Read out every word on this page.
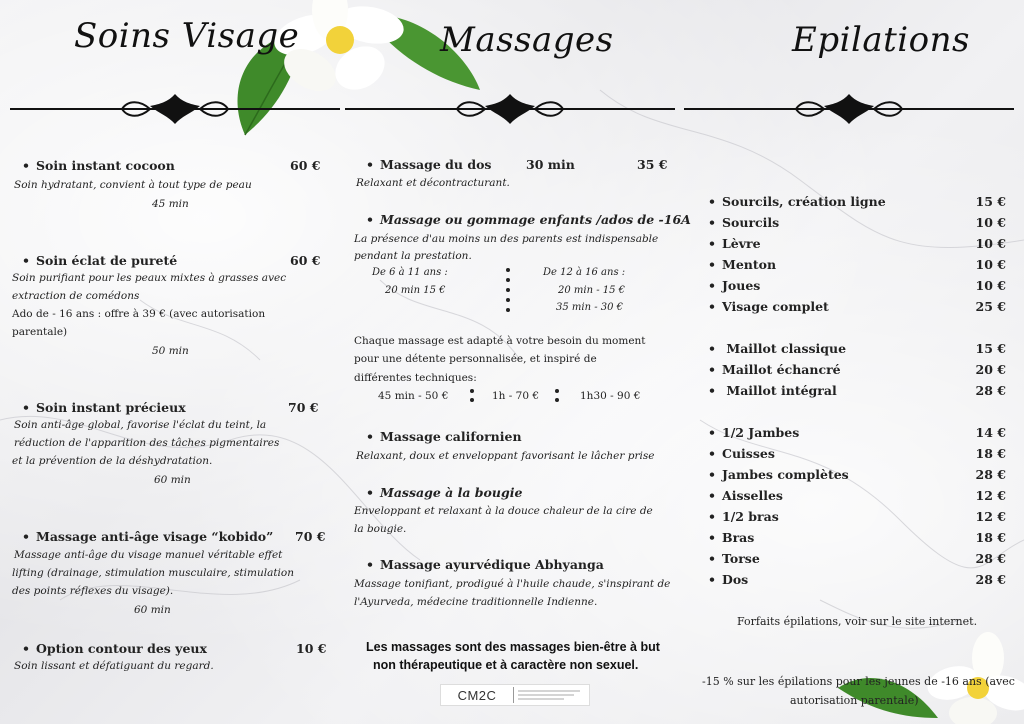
Soins Visage	Massages	Epilations
• Soin instant cocoon	60 €
Soin hydratant, convient à tout type de peau
45 min
• Soin éclat de pureté	60 €
Soin purifiant pour les peaux mixtes à grasses avec
extraction de comédons
Ado de - 16 ans : offre à 39 € (avec autorisation
parentale)
50 min
• Soin instant précieux	70 €
Soin anti-âge global, favorise l'éclat du teint, la
réduction de l'apparition des tâches pigmentaires
et la prévention de la déshydratation.
60 min
• Massage anti-âge visage “kobido” 70 €
Massage anti-âge du visage manuel véritable effet
lifting (drainage, stimulation musculaire, stimulation
des points réflexes du visage).
60 min
• Option contour des yeux	10 €
Soin lissant et défatiguant du regard.
• Massage du dos	30 min	35 €
Relaxant et décontracturant.
• Massage ou gommage enfants /ados de -16A
La présence d'au moins un des parents est indispensable
pendant la prestation.
De 6 à 11 ans :
20 min 15 €
De 12 à 16 ans :
20 min - 15 €
35 min - 30 €
Chaque massage est adapté à votre besoin du moment
pour une détente personnalisée, et inspiré de
différentes techniques:
45 min - 50 €	1h - 70 €	1h30 - 90 €
• Massage californien
Relaxant, doux et enveloppant favorisant le lâcher prise
• Massage à la bougie
Enveloppant et relaxant à la douce chaleur de la cire de
la bougie.
• Massage ayurvédique Abhyanga
Massage tonifiant, prodigué à l'huile chaude, s'inspirant de
l'Ayurveda, médecine traditionnelle Indienne.
Les massages sont des massages bien-être à but
non thérapeutique et à caractère non sexuel.
CM2C
• Sourcils, création ligne	15 €
• Sourcils	10 €
• Lèvre	10 €
• Menton	10 €
• Joues	10 €
• Visage complet	25 €
• Maillot classique	15 €
• Maillot échancré	20 €
• Maillot intégral	28 €
• 1/2 Jambes	14 €
• Cuisses	18 €
• Jambes complètes	28 €
• Aisselles	12 €
• 1/2 bras	12 €
• Bras	18 €
• Torse	28 €
• Dos	28 €
Forfaits épilations, voir sur le site internet.
-15 % sur les épilations pour les jeunes de -16 ans (avec
autorisation parentale)
